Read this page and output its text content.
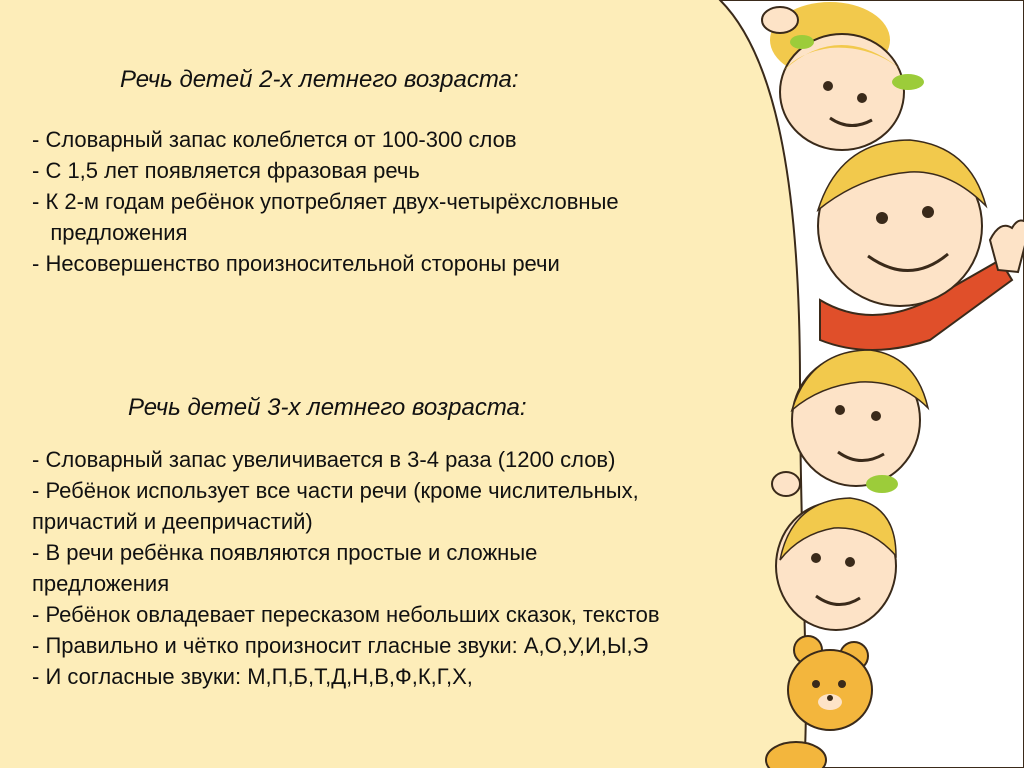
Речь детей 2-х летнего возраста:
- Словарный запас колеблется от 100-300 слов
- С 1,5 лет появляется фразовая речь
- К 2-м годам ребёнок употребляет двух-четырёхсловные
предложения
- Несовершенство произносительной стороны речи
Речь детей 3-х летнего возраста:
- Словарный запас увеличивается в 3-4 раза (1200 слов)
- Ребёнок использует все части речи (кроме числительных,
причастий и деепричастий)
- В речи ребёнка появляются простые и сложные
предложения
- Ребёнок овладевает пересказом небольших сказок, текстов
- Правильно и чётко произносит гласные звуки: А,О,У,И,Ы,Э
- И согласные звуки: М,П,Б,Т,Д,Н,В,Ф,К,Г,Х,
